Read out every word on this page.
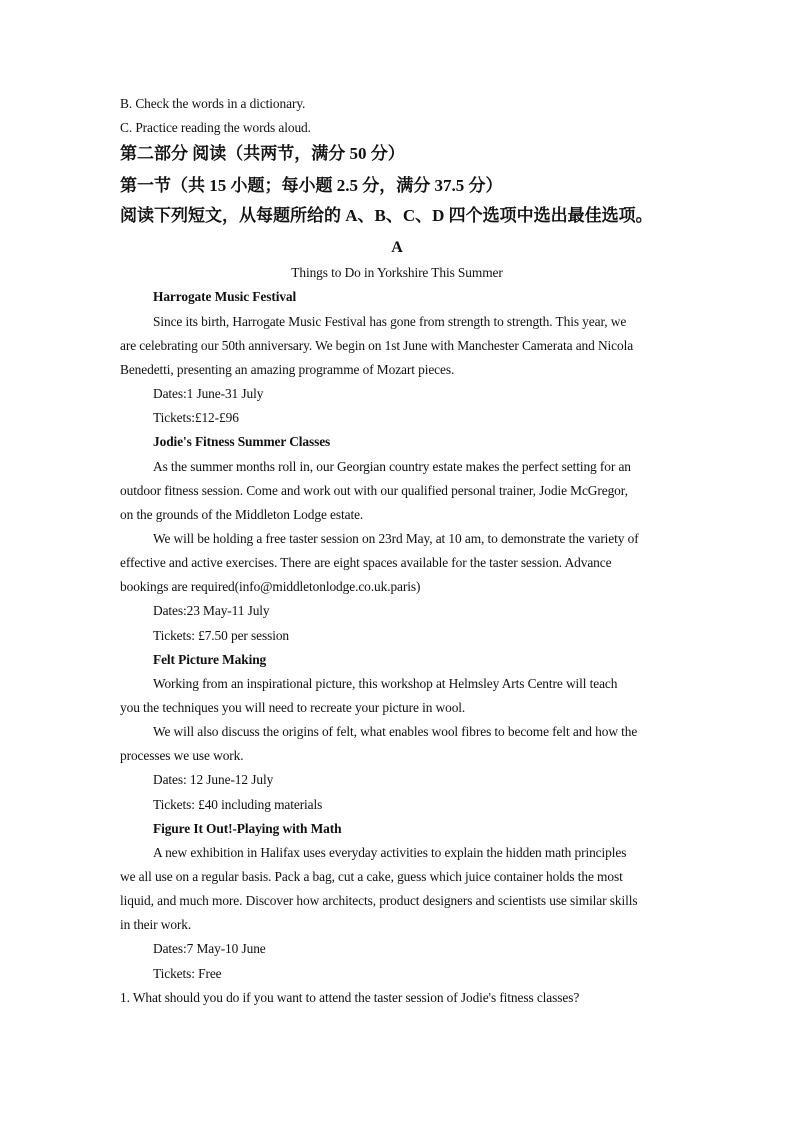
B. Check the words in a dictionary.
C. Practice reading the words aloud.
第二部分 阅读（共两节，满分 50 分）
第一节（共 15 小题；每小题 2.5 分，满分 37.5 分）
阅读下列短文，从每题所给的 A、B、C、D 四个选项中选出最佳选项。
A
Things to Do in Yorkshire This Summer
Harrogate Music Festival
Since its birth, Harrogate Music Festival has gone from strength to strength. This year, we
are celebrating our 50th anniversary. We begin on 1st June with Manchester Camerata and Nicola
Benedetti, presenting an amazing programme of Mozart pieces.
Dates:1 June-31 July
Tickets:£12-£96
Jodie's Fitness Summer Classes
As the summer months roll in, our Georgian country estate makes the perfect setting for an
outdoor fitness session. Come and work out with our qualified personal trainer, Jodie McGregor,
on the grounds of the Middleton Lodge estate.
We will be holding a free taster session on 23rd May, at 10 am, to demonstrate the variety of
effective and active exercises. There are eight spaces available for the taster session. Advance
bookings are required(info@middletonlodge.co.uk.paris)
Dates:23 May-11 July
Tickets: £7.50 per session
Felt Picture Making
Working from an inspirational picture, this workshop at Helmsley Arts Centre will teach
you the techniques you will need to recreate your picture in wool.
We will also discuss the origins of felt, what enables wool fibres to become felt and how the
processes we use work.
Dates: 12 June-12 July
Tickets: £40 including materials
Figure It Out!-Playing with Math
A new exhibition in Halifax uses everyday activities to explain the hidden math principles
we all use on a regular basis. Pack a bag, cut a cake, guess which juice container holds the most
liquid, and much more. Discover how architects, product designers and scientists use similar skills
in their work.
Dates:7 May-10 June
Tickets: Free
1. What should you do if you want to attend the taster session of Jodie's fitness classes?
